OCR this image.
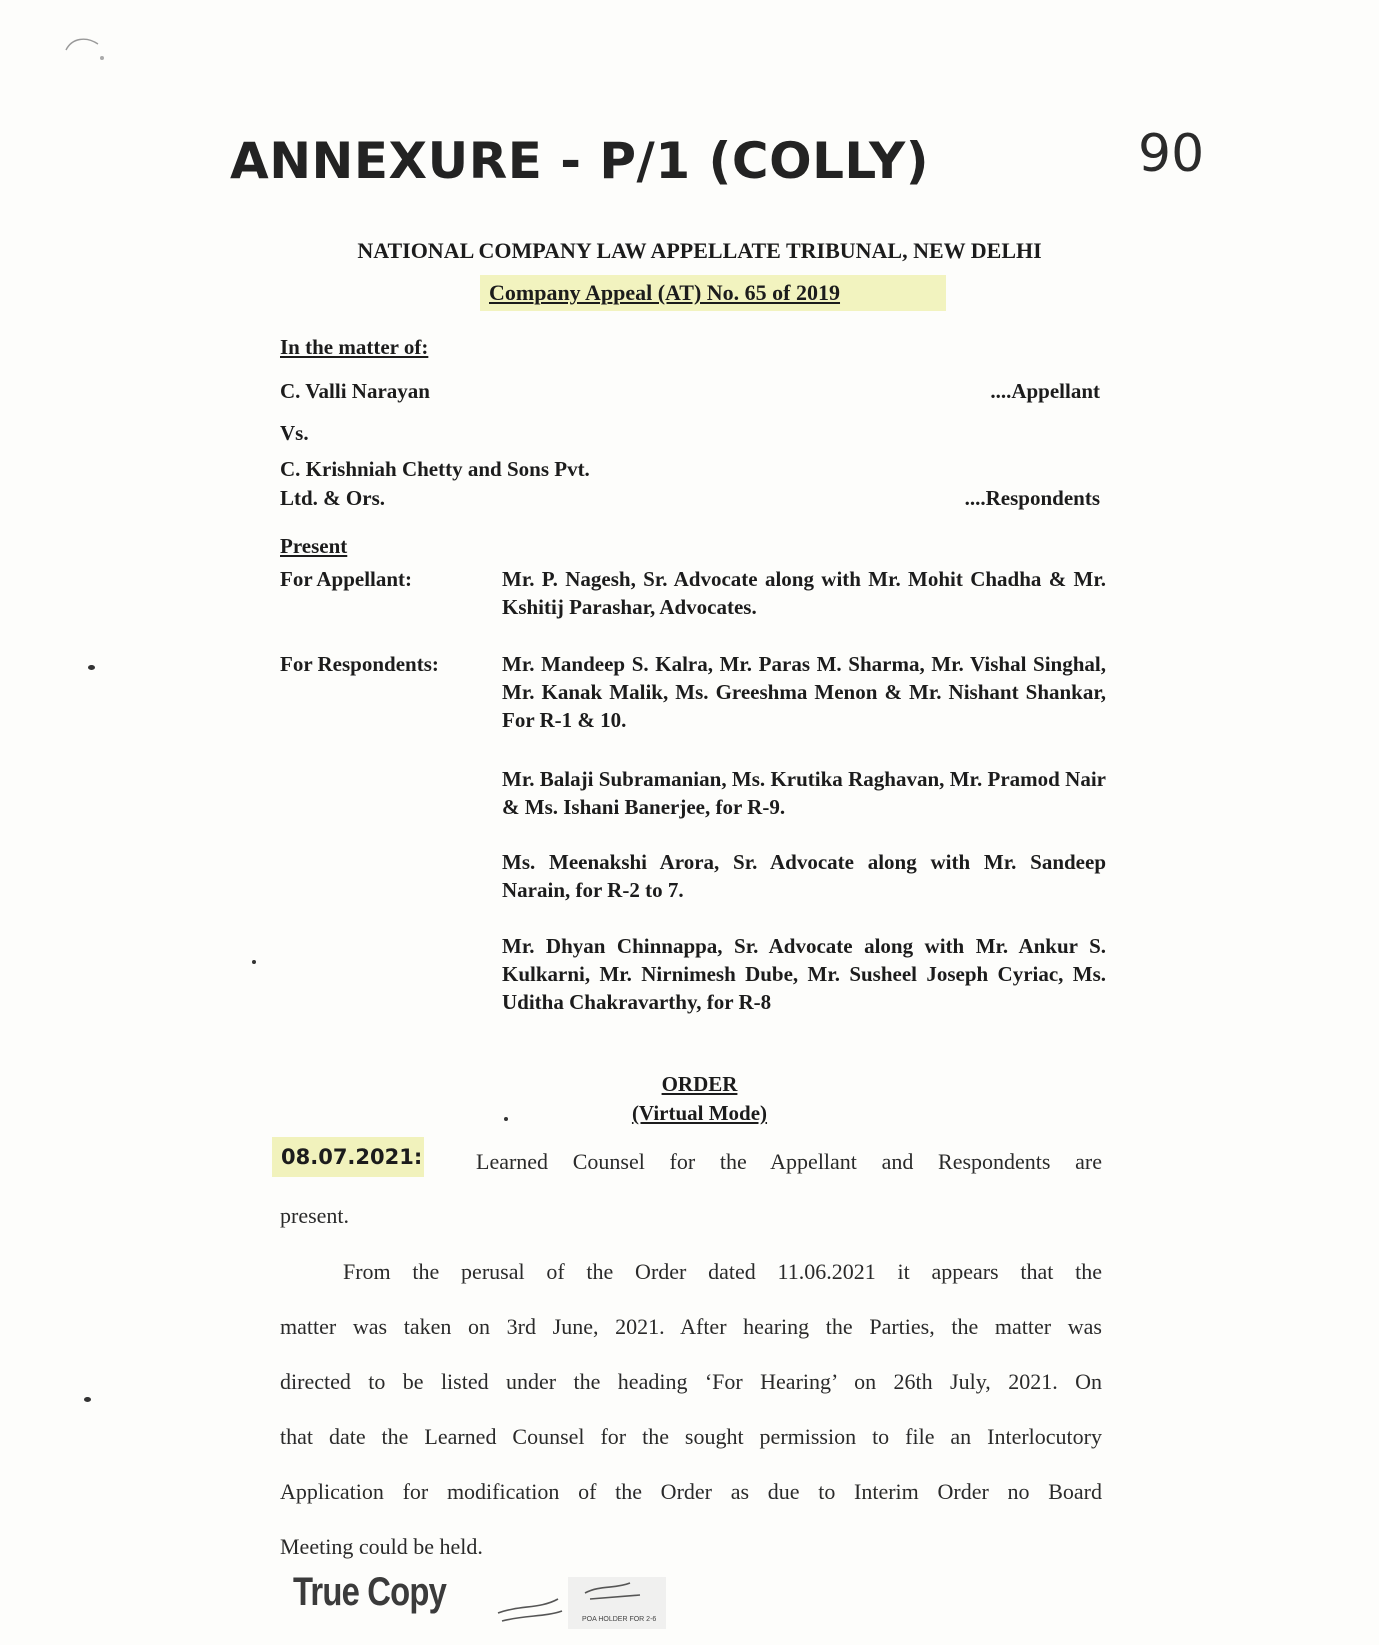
ANNEXURE - P/1 (COLLY)	90
NATIONAL COMPANY LAW APPELLATE TRIBUNAL, NEW DELHI
Company Appeal (AT) No. 65 of 2019
In the matter of:
C. Valli Narayan	....Appellant
Vs.
C. Krishniah Chetty and Sons Pvt.
Ltd. & Ors.	....Respondents
Present
For Appellant:	Mr. P. Nagesh, Sr. Advocate along with Mr. Mohit Chadha & Mr. Kshitij Parashar, Advocates.
For Respondents:	Mr. Mandeep S. Kalra, Mr. Paras M. Sharma, Mr. Vishal Singhal, Mr. Kanak Malik, Ms. Greeshma Menon & Mr. Nishant Shankar, For R-1 & 10.
Mr. Balaji Subramanian, Ms. Krutika Raghavan, Mr. Pramod Nair & Ms. Ishani Banerjee, for R-9.
Ms. Meenakshi Arora, Sr. Advocate along with Mr. Sandeep Narain, for R-2 to 7.
Mr. Dhyan Chinnappa, Sr. Advocate along with Mr. Ankur S. Kulkarni, Mr. Nirnimesh Dube, Mr. Susheel Joseph Cyriac, Ms. Uditha Chakravarthy, for R-8
ORDER
(Virtual Mode)
08.07.2021: Learned Counsel for the Appellant and Respondents are
present.
From the perusal of the Order dated 11.06.2021 it appears that the
matter was taken on 3rd June, 2021. After hearing the Parties, the matter was
directed to be listed under the heading ‘For Hearing’ on 26th July, 2021. On
that date the Learned Counsel for the sought permission to file an Interlocutory
Application for modification of the Order as due to Interim Order no Board
Meeting could be held.
True Copy
POA HOLDER FOR 2-6
